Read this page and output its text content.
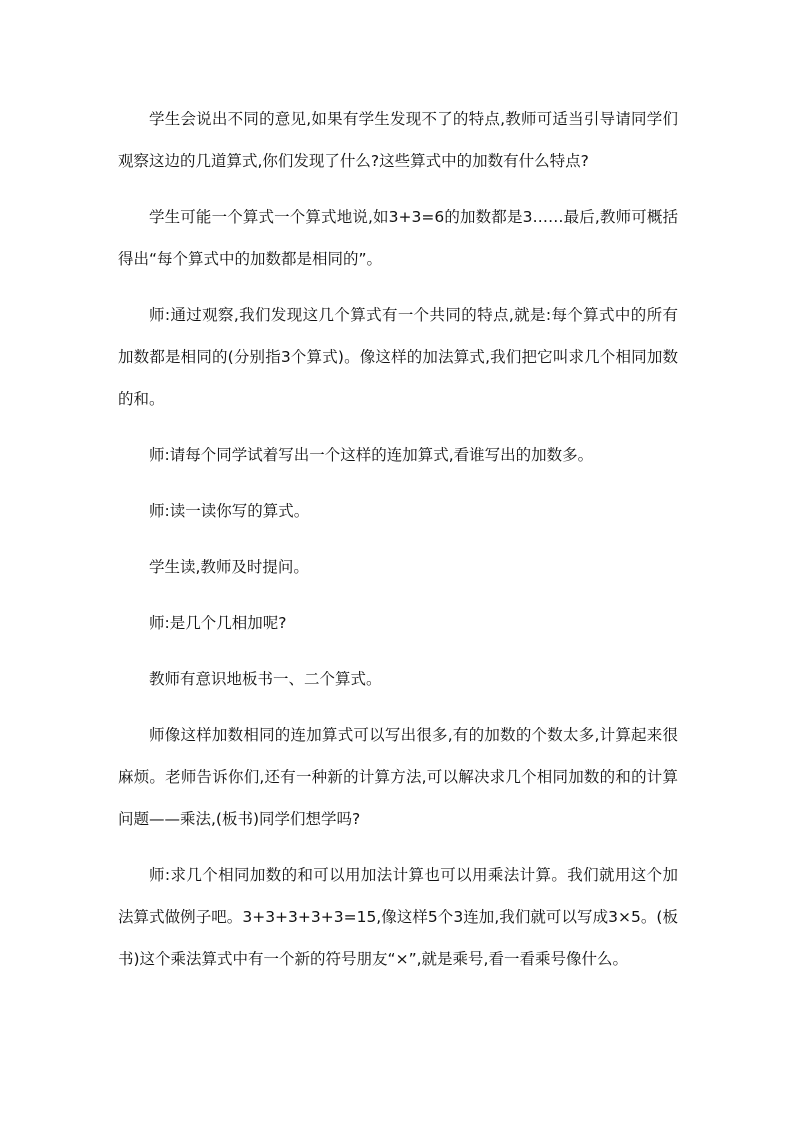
学生会说出不同的意见,如果有学生发现不了的特点,教师可适当引导请同学们观察这边的几道算式,你们发现了什么?这些算式中的加数有什么特点?

学生可能一个算式一个算式地说,如3+3=6的加数都是3……最后,教师可概括得出“每个算式中的加数都是相同的”。

师:通过观察,我们发现这几个算式有一个共同的特点,就是:每个算式中的所有加数都是相同的(分别指3个算式)。像这样的加法算式,我们把它叫求几个相同加数的和。

师:请每个同学试着写出一个这样的连加算式,看谁写出的加数多。

师:读一读你写的算式。

学生读,教师及时提问。

师:是几个几相加呢?

教师有意识地板书一、二个算式。

师像这样加数相同的连加算式可以写出很多,有的加数的个数太多,计算起来很麻烦。老师告诉你们,还有一种新的计算方法,可以解决求几个相同加数的和的计算问题——乘法,(板书)同学们想学吗?

师:求几个相同加数的和可以用加法计算也可以用乘法计算。我们就用这个加法算式做例子吧。3+3+3+3+3=15,像这样5个3连加,我们就可以写成3×5。(板书)这个乘法算式中有一个新的符号朋友“×”,就是乘号,看一看乘号像什么。
